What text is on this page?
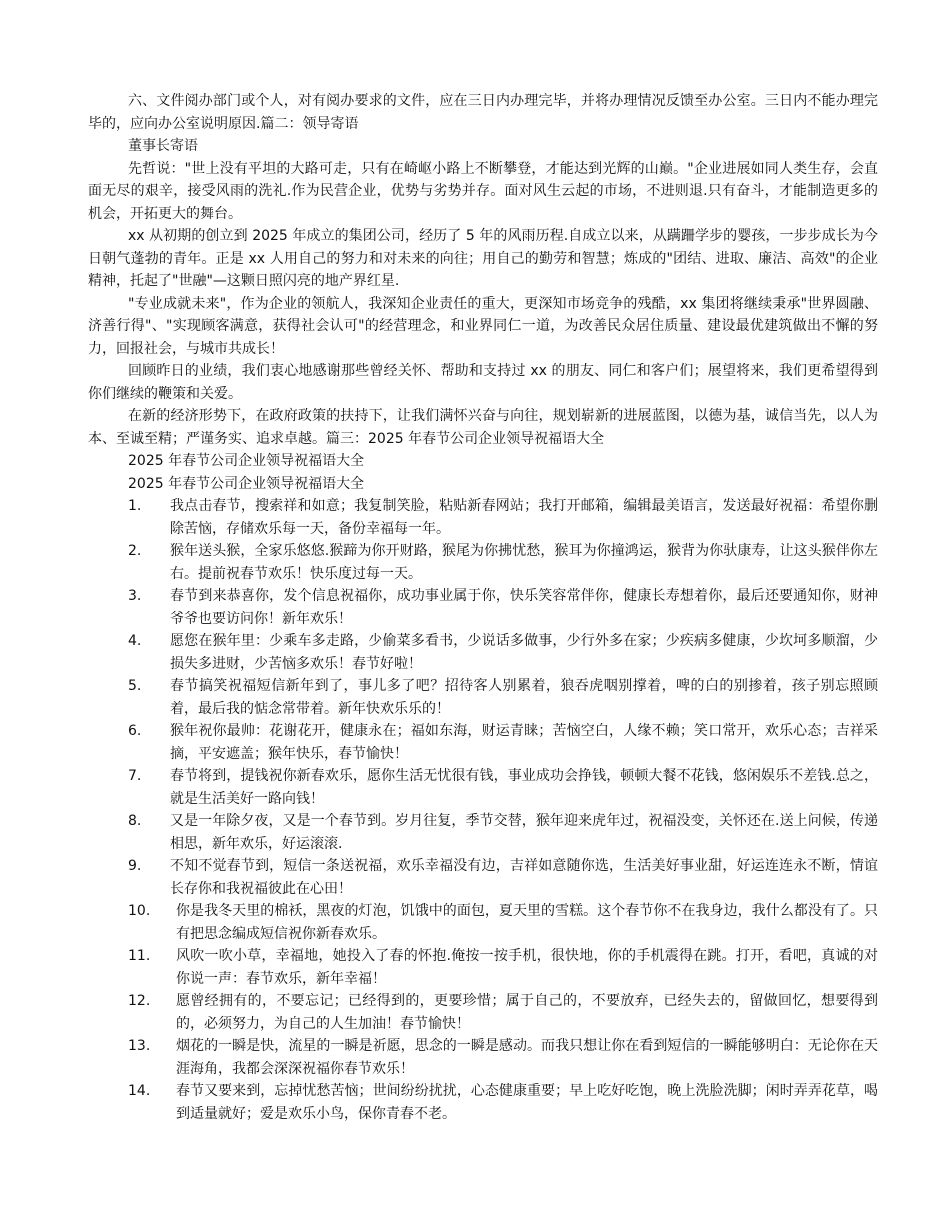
六、文件阅办部门或个人，对有阅办要求的文件，应在三日内办理完毕，并将办理情况反馈至办公室。三日内不能办理完毕的，应向办公室说明原因.篇二：领导寄语

董事长寄语

先哲说："世上没有平坦的大路可走，只有在崎岖小路上不断攀登，才能达到光辉的山巅。"企业进展如同人类生存，会直面无尽的艰辛，接受风雨的洗礼.作为民营企业，优势与劣势并存。面对风生云起的市场，不进则退.只有奋斗，才能制造更多的机会，开拓更大的舞台。

xx 从初期的创立到 2025 年成立的集团公司，经历了 5 年的风雨历程.自成立以来，从蹒跚学步的婴孩，一步步成长为今日朝气蓬勃的青年。正是 xx 人用自己的努力和对未来的向往；用自己的勤劳和智慧；炼成的"团结、进取、廉洁、高效"的企业精神，托起了"世融"—这颗日照闪亮的地产界红星.

"专业成就未来"，作为企业的领航人，我深知企业责任的重大，更深知市场竞争的残酷，xx 集团将继续秉承"世界圆融、济善行得"、"实现顾客满意，获得社会认可"的经营理念，和业界同仁一道，为改善民众居住质量、建设最优建筑做出不懈的努力，回报社会，与城市共成长！

回顾昨日的业绩，我们衷心地感谢那些曾经关怀、帮助和支持过 xx 的朋友、同仁和客户们；展望将来，我们更希望得到你们继续的鞭策和关爱。

在新的经济形势下，在政府政策的扶持下，让我们满怀兴奋与向往，规划崭新的进展蓝图，以德为基，诚信当先，以人为本、至诚至精；严谨务实、追求卓越。篇三：2025 年春节公司企业领导祝福语大全

2025 年春节公司企业领导祝福语大全

2025 年春节公司企业领导祝福语大全

1.	我点击春节，搜索祥和如意；我复制笑脸，粘贴新春网站；我打开邮箱，编辑最美语言，发送最好祝福：希望你删除苦恼，存储欢乐每一天，备份幸福每一年。
2.	猴年送头猴，全家乐悠悠.猴蹄为你开财路，猴尾为你拂忧愁，猴耳为你撞鸿运，猴背为你驮康寿，让这头猴伴你左右。提前祝春节欢乐！快乐度过每一天。
3.	春节到来恭喜你，发个信息祝福你，成功事业属于你，快乐笑容常伴你，健康长寿想着你，最后还要通知你，财神爷爷也要访问你！新年欢乐！
4.	愿您在猴年里：少乘车多走路，少偷菜多看书，少说话多做事，少行外多在家；少疾病多健康，少坎坷多顺溜，少损失多进财，少苦恼多欢乐！春节好啦！
5.	春节搞笑祝福短信新年到了，事儿多了吧？招待客人别累着，狼吞虎咽别撑着，啤的白的别掺着，孩子别忘照顾着，最后我的惦念常带着。新年快欢乐乐的！
6.	猴年祝你最帅：花谢花开，健康永在；福如东海，财运青睐；苦恼空白，人缘不赖；笑口常开，欢乐心态；吉祥采摘，平安遮盖；猴年快乐，春节愉快！
7.	春节将到，提钱祝你新春欢乐，愿你生活无忧很有钱，事业成功会挣钱，顿顿大餐不花钱，悠闲娱乐不差钱.总之，就是生活美好一路向钱！
8.	又是一年除夕夜，又是一个春节到。岁月往复，季节交替，猴年迎来虎年过，祝福没变，关怀还在.送上问候，传递相思，新年欢乐，好运滚滚.
9.	不知不觉春节到，短信一条送祝福，欢乐幸福没有边，吉祥如意随你选，生活美好事业甜，好运连连永不断，情谊长存你和我祝福彼此在心田！
10.	你是我冬天里的棉袄，黑夜的灯泡，饥饿中的面包，夏天里的雪糕。这个春节你不在我身边，我什么都没有了。只有把思念编成短信祝你新春欢乐。
11.	风吹一吹小草，幸福地，她投入了春的怀抱.俺按一按手机，很快地，你的手机震得在跳。打开，看吧，真诚的对你说一声：春节欢乐，新年幸福！
12.	愿曾经拥有的，不要忘记；已经得到的，更要珍惜；属于自己的，不要放弃，已经失去的，留做回忆，想要得到的，必须努力，为自己的人生加油！春节愉快！
13.	烟花的一瞬是快，流星的一瞬是祈愿，思念的一瞬是感动。而我只想让你在看到短信的一瞬能够明白：无论你在天涯海角，我都会深深祝福你春节欢乐！
14.	春节又要来到，忘掉忧愁苦恼；世间纷纷扰扰，心态健康重要；早上吃好吃饱，晚上洗脸洗脚；闲时弄弄花草，喝到适量就好；爱是欢乐小鸟，保你青春不老。
